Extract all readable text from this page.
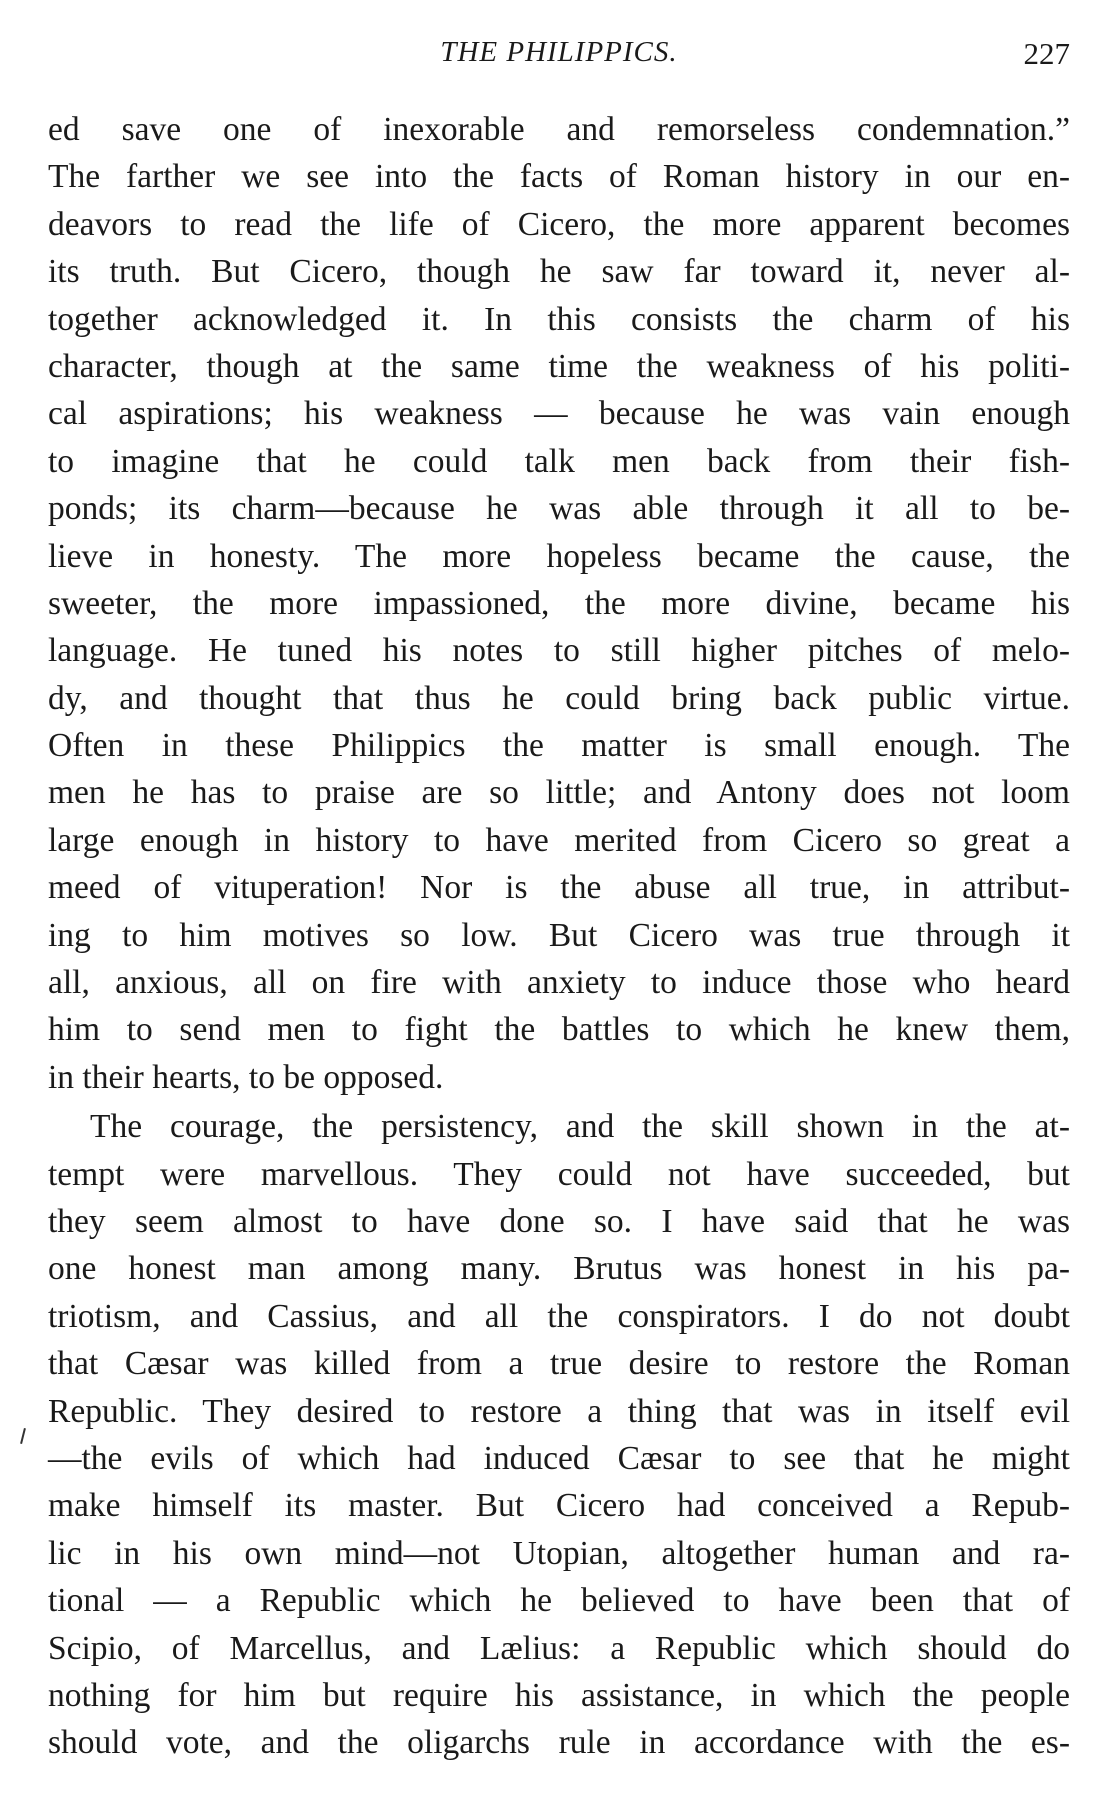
THE PHILIPPICS.	227
ed save one of inexorable and remorseless condemnation.”
The farther we see into the facts of Roman history in our en-
deavors to read the life of Cicero, the more apparent becomes
its truth. But Cicero, though he saw far toward it, never al-
together acknowledged it. In this consists the charm of his
character, though at the same time the weakness of his politi-
cal aspirations; his weakness — because he was vain enough
to imagine that he could talk men back from their fish-
ponds; its charm—because he was able through it all to be-
lieve in honesty. The more hopeless became the cause, the
sweeter, the more impassioned, the more divine, became his
language. He tuned his notes to still higher pitches of melo-
dy, and thought that thus he could bring back public virtue.
Often in these Philippics the matter is small enough. The
men he has to praise are so little; and Antony does not loom
large enough in history to have merited from Cicero so great a
meed of vituperation! Nor is the abuse all true, in attribut-
ing to him motives so low. But Cicero was true through it
all, anxious, all on fire with anxiety to induce those who heard
him to send men to fight the battles to which he knew them,
in their hearts, to be opposed.
The courage, the persistency, and the skill shown in the at-
tempt were marvellous. They could not have succeeded, but
they seem almost to have done so. I have said that he was
one honest man among many. Brutus was honest in his pa-
triotism, and Cassius, and all the conspirators. I do not doubt
that Cæsar was killed from a true desire to restore the Roman
Republic. They desired to restore a thing that was in itself evil
—the evils of which had induced Cæsar to see that he might
make himself its master. But Cicero had conceived a Repub-
lic in his own mind—not Utopian, altogether human and ra-
tional — a Republic which he believed to have been that of
Scipio, of Marcellus, and Lælius: a Republic which should do
nothing for him but require his assistance, in which the people
should vote, and the oligarchs rule in accordance with the es-
